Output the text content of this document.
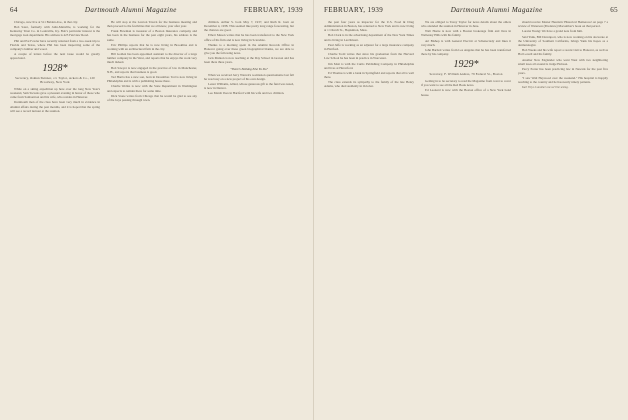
64	Dartmouth Alumni Magazine	FEBRUARY, 1939

Chicago, now live at 511 Belden Ave., in that city.

Bob Sater, formerly with John-Manville, is working for the Kentucky Trust Co. in Louisville, Ky. Bob's particular interest is the mortgage loan department. His address is 425 Fairview Road.

Phil and Pat Fowler have recently returned from a two-week trip to Florida and Texas, where Phil has been inspecting some of the company's lumber and wood.

A couple of letters before the next issue would be greatly appreciated.

1928*

Secretary, Osmun Skinner, c/o Taylor, Ackers & Co., 120 Broadway, New York

While on a skiing expedition up here over the long New Year's weekend, Sam Stevens gave a pleasant evening in honor of those who came from Sanbornton and his wife, who resides in Hanover.

Dartmouth men of the class have been very much in evidence in Alumni affairs during the past months, and it is hoped that the spring will see a record turnout at the reunion.

He will stop at the Lawton Tavern for the business meeting and then proceed to the festivities that we all know, year after year.

Frank Bowman is treasurer of a Boston Insurance company and has been in the business for the past eight years, his address is the same.

Eric Phillips reports that he is now living in Brookline and is working with an architectural firm in the city.

Bill Golden has been appointed assistant to the director of a large lumber company in the West, and reports that he enjoys the work very much indeed.

Bob Sawyer is now engaged in the practice of law in Manchester, N.H., and reports that business is good.

Ted Harris has a new son, born in December. Ted is now living in Philadelphia and is with a publishing house there.

Charlie Welles is now with the State Department in Washington and expects to remain there for some time.

Dick Stone writes from Chicago that he would be glad to see any of the boys passing through town.

children. Arthur S. born May 7, 1937, and Ruth R. born on December 4, 1938. This seemed like pretty long range forecasting, but the chances are good.

Elbert Mason writes that he has been transferred to the New York office of his firm and is now living in Scarsdale.

Thanks to a morning spent in the Alumni Records Office in Hanover going over these green biographical blanks, we are able to give you the following news.

Jack Manton is now teaching at the Day School in Groton and has been there three years.

"There's Nothing Else To Do"

When we received Jerry Warren's re-mission questionnaire last fall he was busy on a new project of his own design.

Lester Williams, Allied, whose generous gift to the fund was noted, is now in Denver.

Leo Marsh lives in Hartford with his wife and two children.

FEBRUARY, 1939	Dartmouth Alumni Magazine	65

the past four years as inspector for the U.S. Food & Drug Administration in Boston, has returned to New York and is now living at 1 Church St., Hopkinton, Mass.

Bob Clark is in the advertising department of the New York Times and is living in Larchmont.

Paul Jaffe is working as an adjuster for a large insurance company in Hartford.

Charlie Todd writes that since his graduation from the Harvard Law School he has been in practice in Worcester.

Jim Mott is with the Curtis Publishing Company in Philadelphia and lives at Haverford.

Ed Thomas is with a bank in Springfield and reports that all is well there.

The class extends its sympathy to the family of the late Henry Adams, who died suddenly in October.

We are obliged to Tavey Taylor for news details about the others who attended the reunion in Hanover in June.

Walt Horne is now with a Boston brokerage firm and lives in Wellesley Hills with his family.

Art Bishop is with General Electric at Schenectady and likes it very much.

John Bartlett writes from Los Angeles that he has been transferred there by his company.

1929*

Secretary, F. William Andres, 79 Federal St., Boston

Getting in to be secretary to read the Magazine from cover to cover if you want to see all the Red Book news.

Ed Leonard is now with the Boston office of a New York bond house.

should receive Master Heuristic Historical Hemerosa! on page 7 a review of Waterson (Prudence) Macomber's book on that period.

Lorenz Young: We have a grand note from him.

Said Yank, Bill Davenport, who is now working on his doctorate at the University of Southern California, brings Yank his hopes as a dermatologist.

Bob Weeks and his wife report a recent visit to Hanover, as well as Hal Lowell and his family.

Another New Englander who went West with two neighboring small trees all around is Judge Hobson.

Percy Porter has been practicing law in Newark for the past five years.

"I saw Walt Heywood over the weekend." His hospital is happily reaching to the country and he has nearly ninety patients.

Karl Fleys is another one we'll be seeing.
